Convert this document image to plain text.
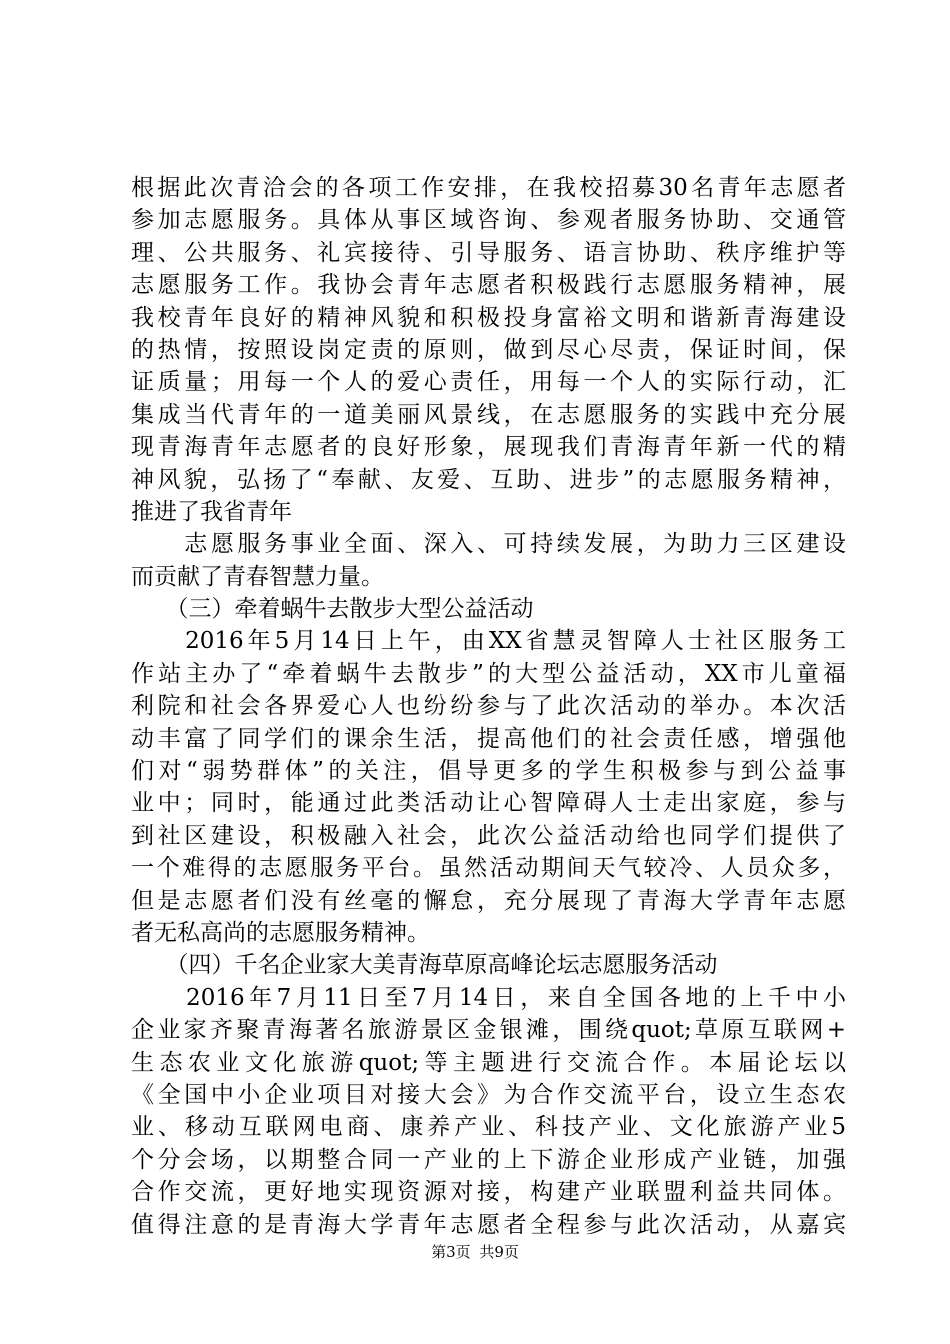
根据此次青洽会的各项工作安排，在我校招募30名青年志愿者
参加志愿服务。具体从事区域咨询、参观者服务协助、交通管
理、公共服务、礼宾接待、引导服务、语言协助、秩序维护等
志愿服务工作。我协会青年志愿者积极践行志愿服务精神，展
我校青年良好的精神风貌和积极投身富裕文明和谐新青海建设
的热情，按照设岗定责的原则，做到尽心尽责，保证时间，保
证质量；用每一个人的爱心责任，用每一个人的实际行动，汇
集成当代青年的一道美丽风景线，在志愿服务的实践中充分展
现青海青年志愿者的良好形象，展现我们青海青年新一代的精
神风貌，弘扬了“奉献、友爱、互助、进步”的志愿服务精神，
推进了我省青年
　　志愿服务事业全面、深入、可持续发展，为助力三区建设
而贡献了青春智慧力量。
　　（三）牵着蜗牛去散步大型公益活动
　　2016年5月14日上午，由XX省慧灵智障人士社区服务工
作站主办了“牵着蜗牛去散步”的大型公益活动，XX市儿童福
利院和社会各界爱心人也纷纷参与了此次活动的举办。本次活
动丰富了同学们的课余生活，提高他们的社会责任感，增强他
们对“弱势群体”的关注，倡导更多的学生积极参与到公益事
业中；同时，能通过此类活动让心智障碍人士走出家庭，参与
到社区建设，积极融入社会，此次公益活动给也同学们提供了
一个难得的志愿服务平台。虽然活动期间天气较冷、人员众多，
但是志愿者们没有丝毫的懈怠，充分展现了青海大学青年志愿
者无私高尚的志愿服务精神。
　　（四）千名企业家大美青海草原高峰论坛志愿服务活动
　　2016年7月11日至7月14日，来自全国各地的上千中小
企业家齐聚青海著名旅游景区金银滩，围绕quot;草原互联网+
生态农业文化旅游quot;等主题进行交流合作。本届论坛以
《全国中小企业项目对接大会》为合作交流平台，设立生态农
业、移动互联网电商、康养产业、科技产业、文化旅游产业5
个分会场，以期整合同一产业的上下游企业形成产业链，加强
合作交流，更好地实现资源对接，构建产业联盟利益共同体。
值得注意的是青海大学青年志愿者全程参与此次活动，从嘉宾
第3页 共9页
